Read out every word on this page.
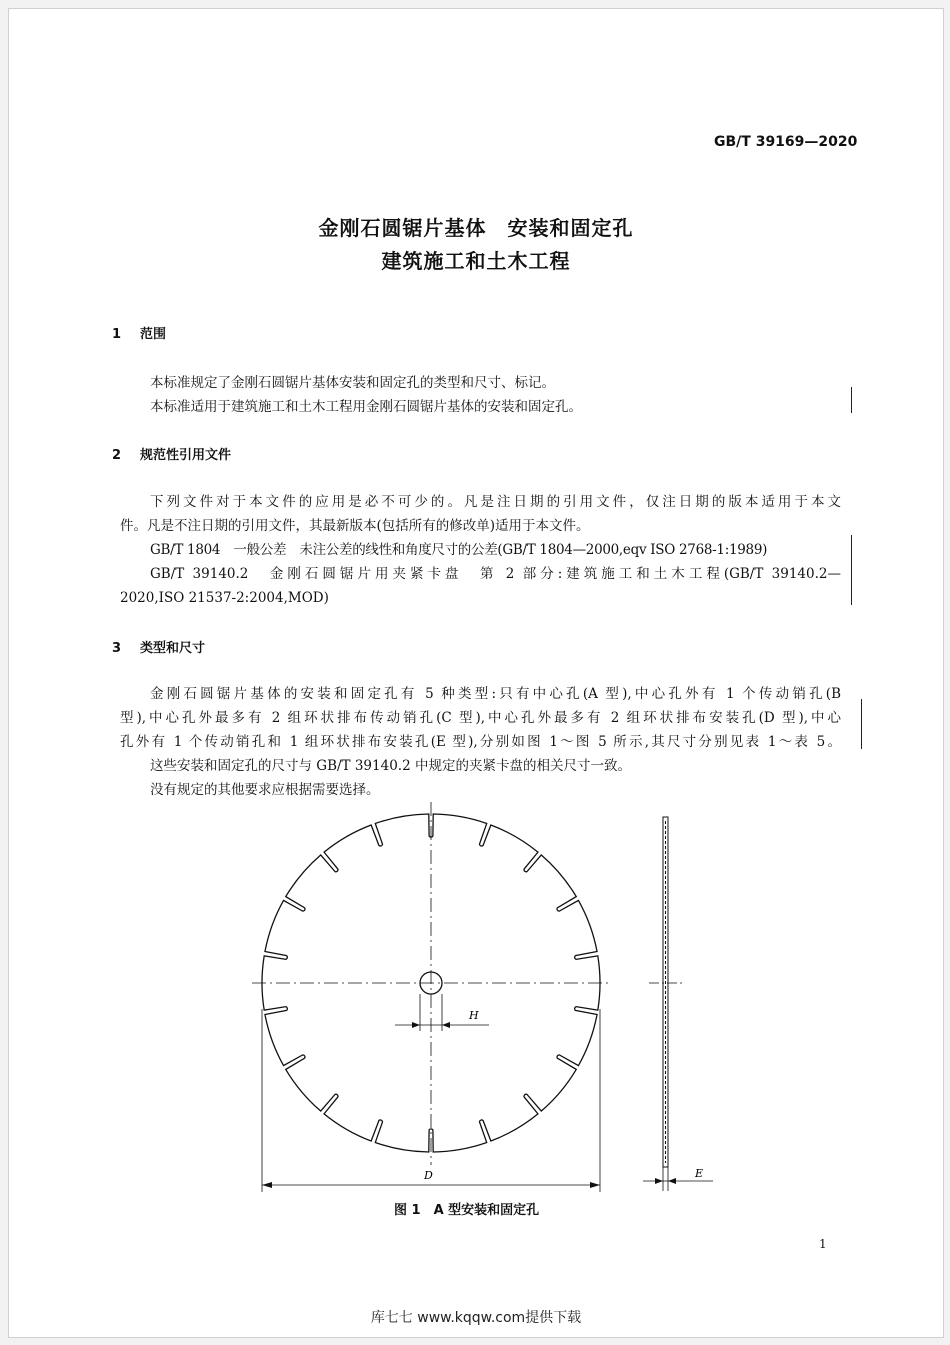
GB/T 39169—2020
金刚石圆锯片基体　安装和固定孔
建筑施工和土木工程
1 范围
本标准规定了金刚石圆锯片基体安装和固定孔的类型和尺寸、标记。
本标准适用于建筑施工和土木工程用金刚石圆锯片基体的安装和固定孔。
2 规范性引用文件
下列文件对于本文件的应用是必不可少的。凡是注日期的引用文件，仅注日期的版本适用于本文
件。凡是不注日期的引用文件，其最新版本(包括所有的修改单)适用于本文件。
GB/T 1804　一般公差　未注公差的线性和角度尺寸的公差(GB/T 1804—2000,eqv ISO 2768-1:1989)
GB/T 39140.2　金刚石圆锯片用夹紧卡盘　第 2 部分:建筑施工和土木工程(GB/T 39140.2—
2020,ISO 21537-2:2004,MOD)
3 类型和尺寸
金刚石圆锯片基体的安装和固定孔有 5 种类型:只有中心孔(A 型),中心孔外有 1 个传动销孔(B
型),中心孔外最多有 2 组环状排布传动销孔(C 型),中心孔外最多有 2 组环状排布安装孔(D 型),中心
孔外有 1 个传动销孔和 1 组环状排布安装孔(E 型),分别如图 1～图 5 所示,其尺寸分别见表 1～表 5。
这些安装和固定孔的尺寸与 GB/T 39140.2 中规定的夹紧卡盘的相关尺寸一致。
没有规定的其他要求应根据需要选择。
H
D	E
图 1　A 型安装和固定孔
1
库七七 www.kqqw.com提供下载
